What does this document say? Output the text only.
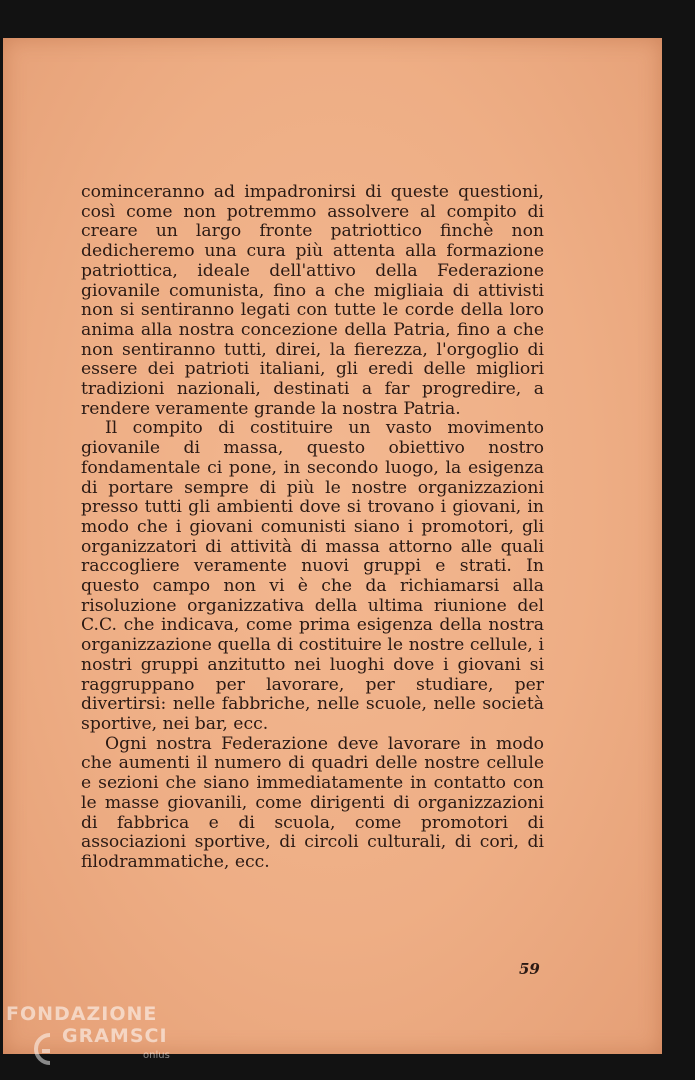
cominceranno ad impadronirsi di queste questioni, così come non potremmo assolvere al compito di creare un largo fronte patriottico finchè non dedicheremo una cura più attenta alla formazione patriottica, ideale dell'attivo della Federazione giovanile comunista, fino a che migliaia di attivisti non si sentiranno legati con tutte le corde della loro anima alla nostra concezione della Patria, fino a che non sentiranno tutti, direi, la fierezza, l'orgoglio di essere dei patrioti italiani, gli eredi delle migliori tradizioni nazionali, destinati a far progredire, a rendere veramente grande la nostra Patria.

Il compito di costituire un vasto movimento giovanile di massa, questo obiettivo nostro fondamentale ci pone, in secondo luogo, la esigenza di portare sempre di più le nostre organizzazioni presso tutti gli ambienti dove si trovano i giovani, in modo che i giovani comunisti siano i promotori, gli organizzatori di attività di massa attorno alle quali raccogliere veramente nuovi gruppi e strati. In questo campo non vi è che da richiamarsi alla risoluzione organizzativa della ultima riunione del C.C. che indicava, come prima esigenza della nostra organizzazione quella di costituire le nostre cellule, i nostri gruppi anzitutto nei luoghi dove i giovani si raggruppano per lavorare, per studiare, per divertirsi: nelle fabbriche, nelle scuole, nelle società sportive, nei bar, ecc.

Ogni nostra Federazione deve lavorare in modo che aumenti il numero di quadri delle nostre cellule e sezioni che siano immediatamente in contatto con le masse giovanili, come dirigenti di organizzazioni di fabbrica e di scuola, come promotori di associazioni sportive, di circoli culturali, di cori, di filodrammatiche, ecc.

59
FONDAZIONE
GRAMSCI
onlus
